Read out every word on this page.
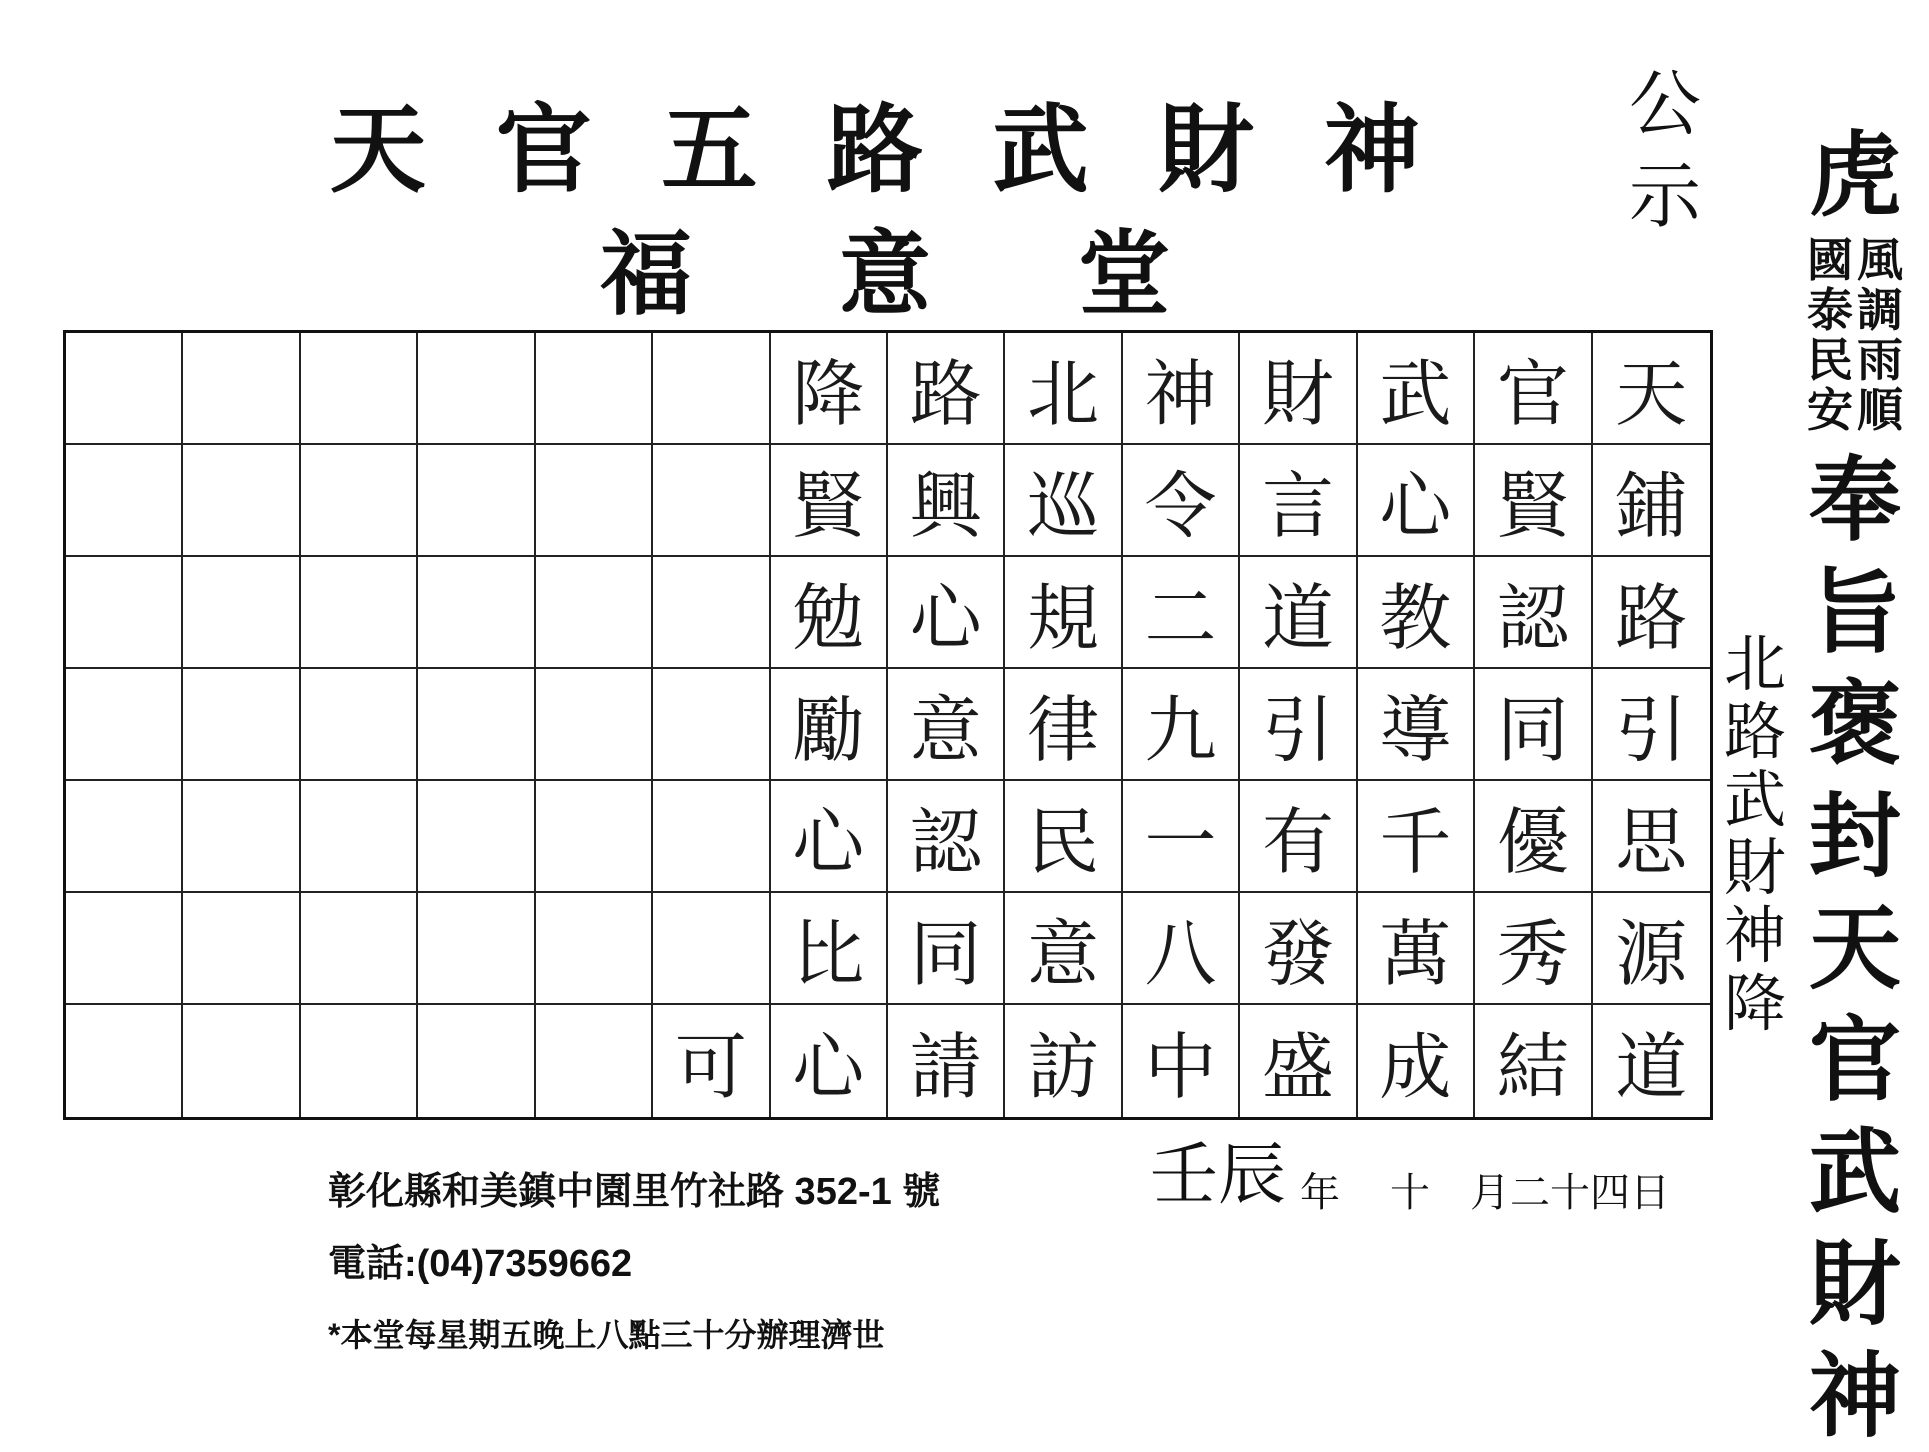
天 官 五 路 武 財 神
福 意 堂
公
示
降 路 北 神 財 武 官 天
賢 興 巡 令 言 心 賢 鋪
勉 心 規 二 道 教 認 路
勵 意 律 九 引 導 同 引
心 認 民 一 有 千 優 思
比 同 意 八 發 萬 秀 源
可 心 請 訪 中 盛 成 結 道
北
路
武
財
神
降
虎
風
調
雨
順
國
泰
民
安
奉
旨
褒
封
天
官
武
財
神
壬辰 年 十 月二十四日
彰化縣和美鎮中園里竹社路 352-1 號
電話:(04)7359662
*本堂每星期五晚上八點三十分辦理濟世
